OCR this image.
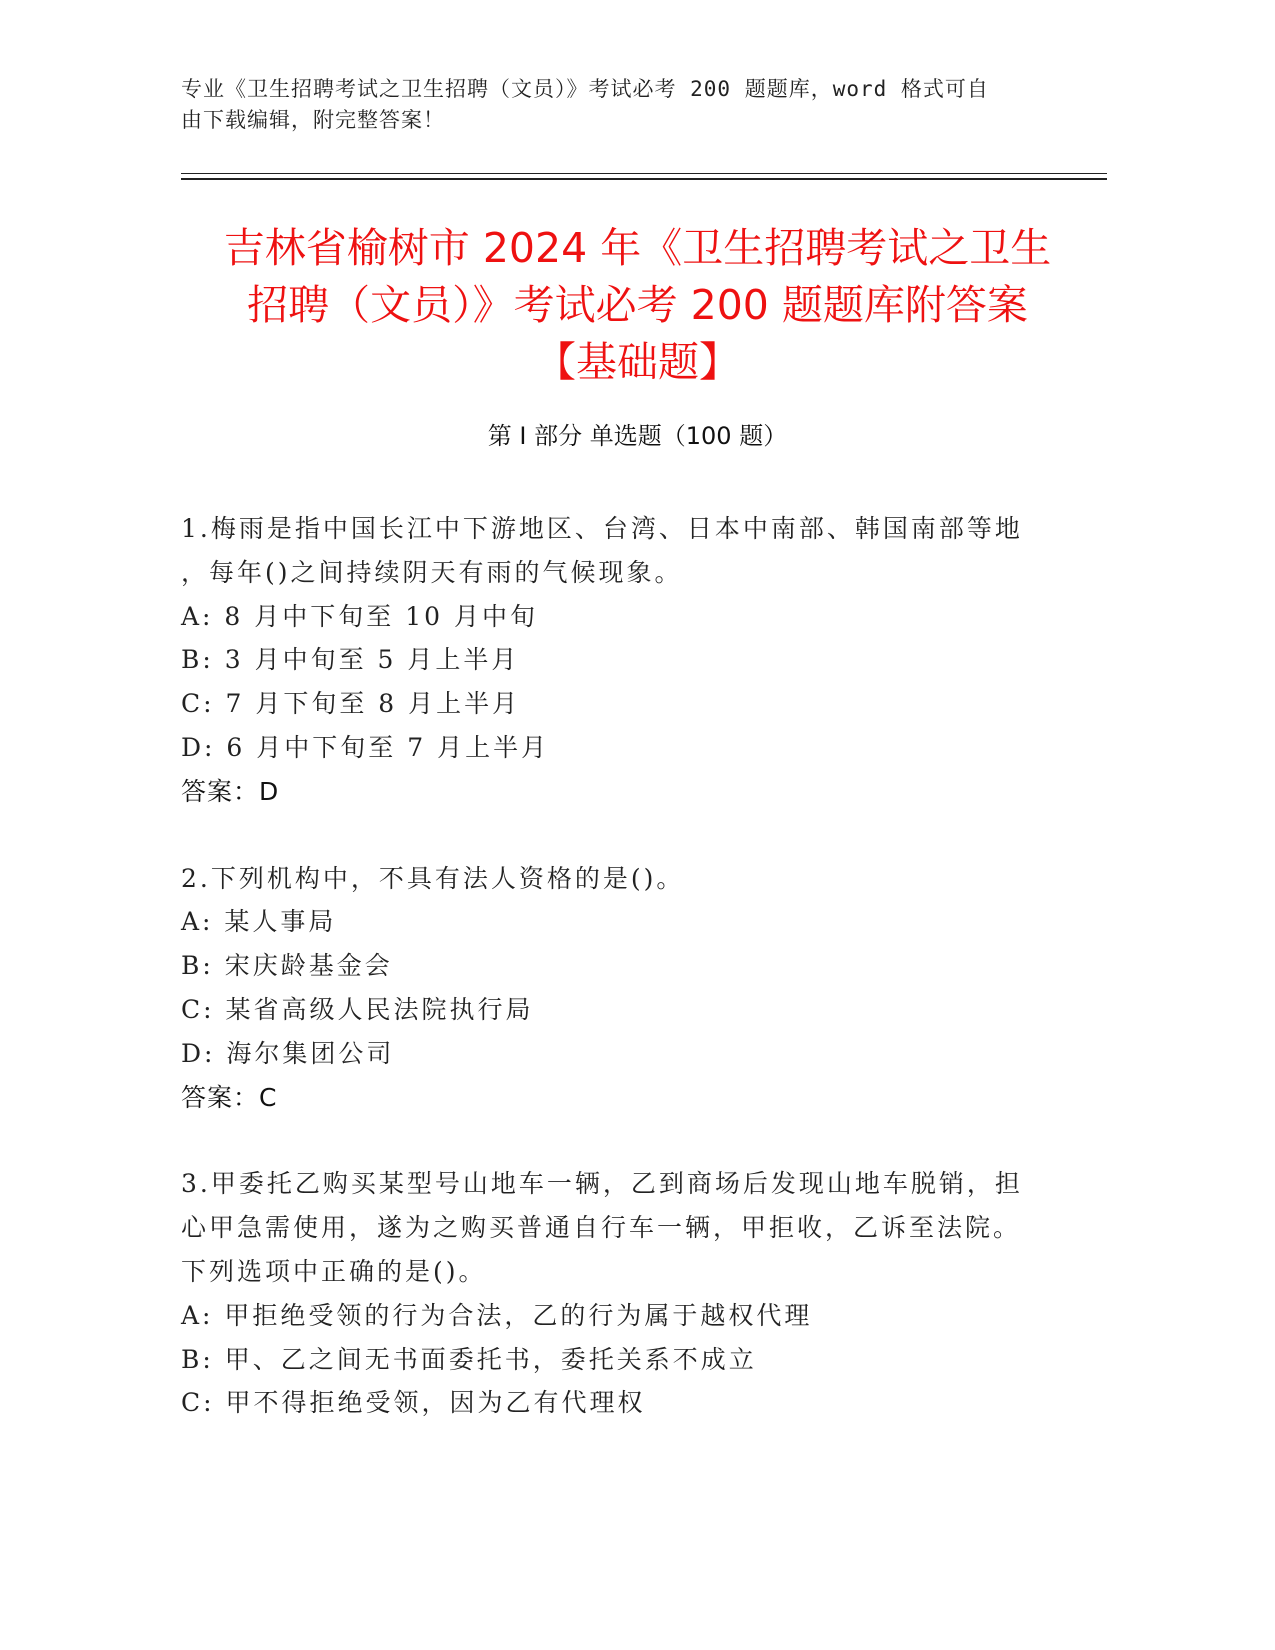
专业《卫生招聘考试之卫生招聘（文员）》考试必考 200 题题库，word 格式可自
由下载编辑，附完整答案！
吉林省榆树市 2024 年《卫生招聘考试之卫生
招聘（文员）》考试必考 200 题题库附答案
【基础题】
第 I 部分 单选题（100 题）
1.梅雨是指中国长江中下游地区、台湾、日本中南部、韩国南部等地
，每年()之间持续阴天有雨的气候现象。
A: 8 月中下旬至 10 月中旬
B: 3 月中旬至 5 月上半月
C: 7 月下旬至 8 月上半月
D: 6 月中下旬至 7 月上半月
答案：D
2.下列机构中，不具有法人资格的是()。
A: 某人事局
B: 宋庆龄基金会
C: 某省高级人民法院执行局
D: 海尔集团公司
答案：C
3.甲委托乙购买某型号山地车一辆，乙到商场后发现山地车脱销，担
心甲急需使用，遂为之购买普通自行车一辆，甲拒收，乙诉至法院。
下列选项中正确的是()。
A: 甲拒绝受领的行为合法，乙的行为属于越权代理
B: 甲、乙之间无书面委托书，委托关系不成立
C: 甲不得拒绝受领，因为乙有代理权
